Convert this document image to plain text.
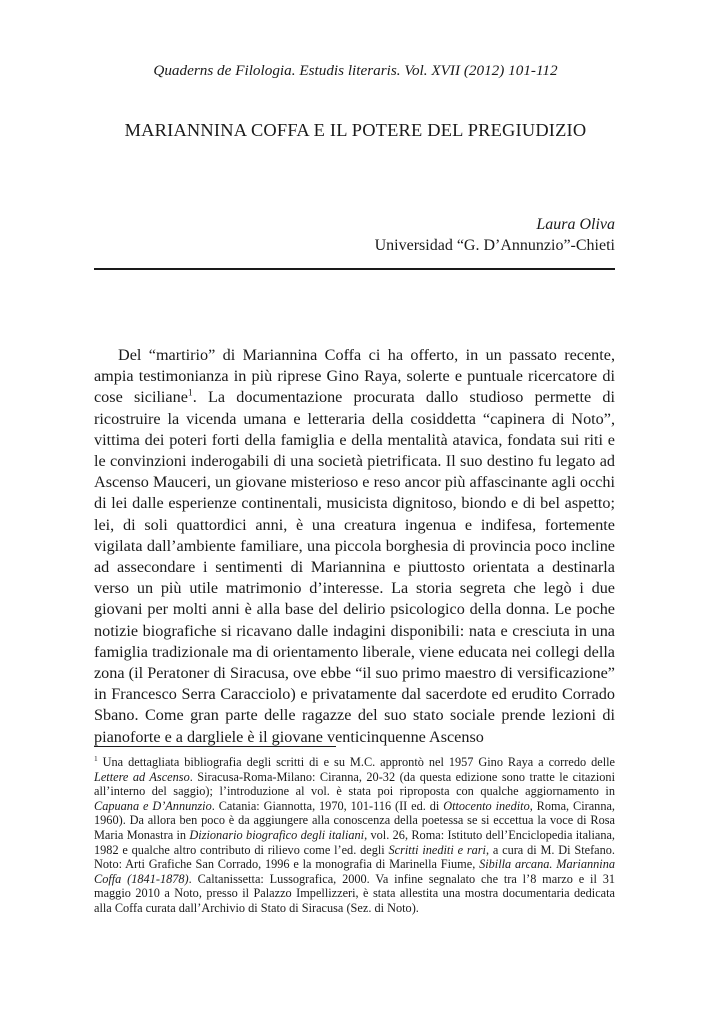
Quaderns de Filologia. Estudis literaris. Vol. XVII (2012) 101-112
MARIANNINA COFFA E IL POTERE DEL PREGIUDIZIO
Laura Oliva
Universidad “G. D’Annunzio”-Chieti

Del “martirio” di Mariannina Coffa ci ha offerto, in un passato recente, ampia testimonianza in più riprese Gino Raya, solerte e puntuale ricercatore di cose siciliane$^1$. La documentazione procurata dallo studioso permette di ricostruire la vicenda umana e letteraria della cosiddetta “capinera di Noto”, vittima dei poteri forti della famiglia e della mentalità atavica, fondata sui riti e le convinzioni inderogabili di una società pietrificata. Il suo destino fu legato ad Ascenso Mauceri, un giovane misterioso e reso ancor più affascinante agli occhi di lei dalle esperienze continentali, musicista dignitoso, biondo e di bel aspetto; lei, di soli quattordici anni, è una creatura ingenua e indifesa, fortemente vigilata dall’ambiente familiare, una piccola borghesia di provincia poco incline ad assecondare i sentimenti di Mariannina e piuttosto orientata a destinarla verso un più utile matrimonio d’interesse. La storia segreta che legò i due giovani per molti anni è alla base del delirio psicologico della donna. Le poche notizie biografiche si ricavano dalle indagini disponibili: nata e cresciuta in una famiglia tradizionale ma di orientamento liberale, viene educata nei collegi della zona (il Peratoner di Siracusa, ove ebbe “il suo primo maestro di versificazione” in Francesco Serra Caracciolo) e privatamente dal sacerdote ed erudito Corrado Sbano. Come gran parte delle ragazze del suo stato sociale prende lezioni di pianoforte e a dargliele è il giovane venticinquenne Ascenso

$^1$ Una dettagliata bibliografia degli scritti di e su M.C. approntò nel 1957 Gino Raya a corredo delle Lettere ad Ascenso. Siracusa-Roma-Milano: Ciranna, 20-32 (da questa edizione sono tratte le citazioni all’interno del saggio); l’introduzione al vol. è stata poi riproposta con qualche aggiornamento in Capuana e D’Annunzio. Catania: Giannotta, 1970, 101-116 (II ed. di Ottocento inedito, Roma, Ciranna, 1960). Da allora ben poco è da aggiungere alla conoscenza della poetessa se si eccettua la voce di Rosa Maria Monastra in Dizionario biografico degli italiani, vol. 26, Roma: Istituto dell’Enciclopedia italiana, 1982 e qualche altro contributo di rilievo come l’ed. degli Scritti inediti e rari, a cura di M. Di Stefano. Noto: Arti Grafiche San Corrado, 1996 e la monografia di Marinella Fiume, Sibilla arcana. Mariannina Coffa (1841-1878). Caltanissetta: Lussografica, 2000. Va infine segnalato che tra l’8 marzo e il 31 maggio 2010 a Noto, presso il Palazzo Impellizzeri, è stata allestita una mostra documentaria dedicata alla Coffa curata dall’Archivio di Stato di Siracusa (Sez. di Noto).
